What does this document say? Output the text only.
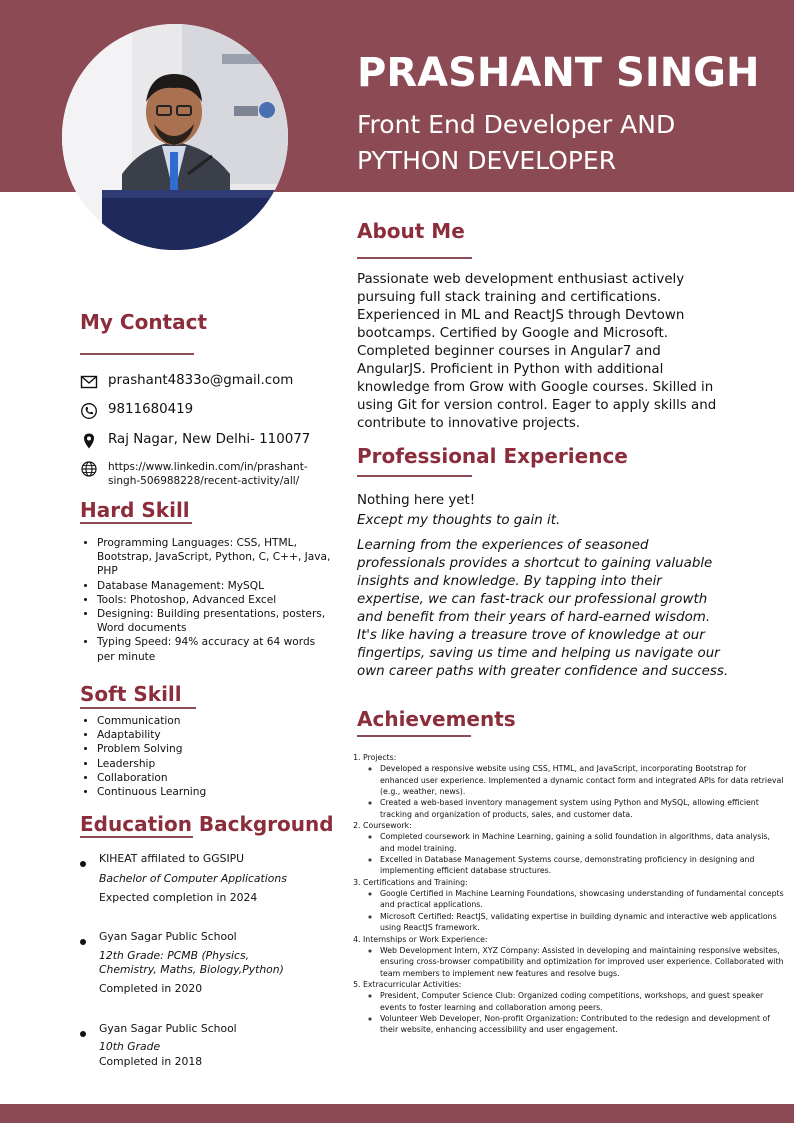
PRASHANT SINGH
Front End Developer AND
PYTHON DEVELOPER
My Contact
prashant4833o@gmail.com
9811680419
Raj Nagar, New Delhi- 110077
https://www.linkedin.com/in/prashant-singh-506988228/recent-activity/all/
Hard Skill
• Programming Languages: CSS, HTML, Bootstrap, JavaScript, Python, C, C++, Java, PHP
• Database Management: MySQL
• Tools: Photoshop, Advanced Excel
• Designing: Building presentations, posters, Word documents
• Typing Speed: 94% accuracy at 64 words per minute
Soft Skill
• Communication
• Adaptability
• Problem Solving
• Leadership
• Collaboration
• Continuous Learning
Education Background
KIHEAT affilated to GGSIPU
Bachelor of Computer Applications
Expected completion in 2024
Gyan Sagar Public School
12th Grade: PCMB (Physics, Chemistry, Maths, Biology,Python)
Completed in 2020
Gyan Sagar Public School
10th Grade
Completed in 2018
About Me
Passionate web development enthusiast actively pursuing full stack training and certifications. Experienced in ML and ReactJS through Devtown bootcamps. Certified by Google and Microsoft. Completed beginner courses in Angular7 and AngularJS. Proficient in Python with additional knowledge from Grow with Google courses. Skilled in using Git for version control. Eager to apply skills and contribute to innovative projects.
Professional Experience
Nothing here yet!
Except my thoughts to gain it.
Learning from the experiences of seasoned professionals provides a shortcut to gaining valuable insights and knowledge. By tapping into their expertise, we can fast-track our professional growth and benefit from their years of hard-earned wisdom. It's like having a treasure trove of knowledge at our fingertips, saving us time and helping us navigate our own career paths with greater confidence and success.
Achievements
1. Projects:
◦ Developed a responsive website using CSS, HTML, and JavaScript, incorporating Bootstrap for enhanced user experience. Implemented a dynamic contact form and integrated APIs for data retrieval (e.g., weather, news).
◦ Created a web-based inventory management system using Python and MySQL, allowing efficient tracking and organization of products, sales, and customer data.
2. Coursework:
◦ Completed coursework in Machine Learning, gaining a solid foundation in algorithms, data analysis, and model training.
◦ Excelled in Database Management Systems course, demonstrating proficiency in designing and implementing efficient database structures.
3. Certifications and Training:
◦ Google Certified in Machine Learning Foundations, showcasing understanding of fundamental concepts and practical applications.
◦ Microsoft Certified: ReactJS, validating expertise in building dynamic and interactive web applications using ReactJS framework.
4. Internships or Work Experience:
◦ Web Development Intern, XYZ Company: Assisted in developing and maintaining responsive websites, ensuring cross-browser compatibility and optimization for improved user experience. Collaborated with team members to implement new features and resolve bugs.
5. Extracurricular Activities:
◦ President, Computer Science Club: Organized coding competitions, workshops, and guest speaker events to foster learning and collaboration among peers.
◦ Volunteer Web Developer, Non-profit Organization: Contributed to the redesign and development of their website, enhancing accessibility and user engagement.
